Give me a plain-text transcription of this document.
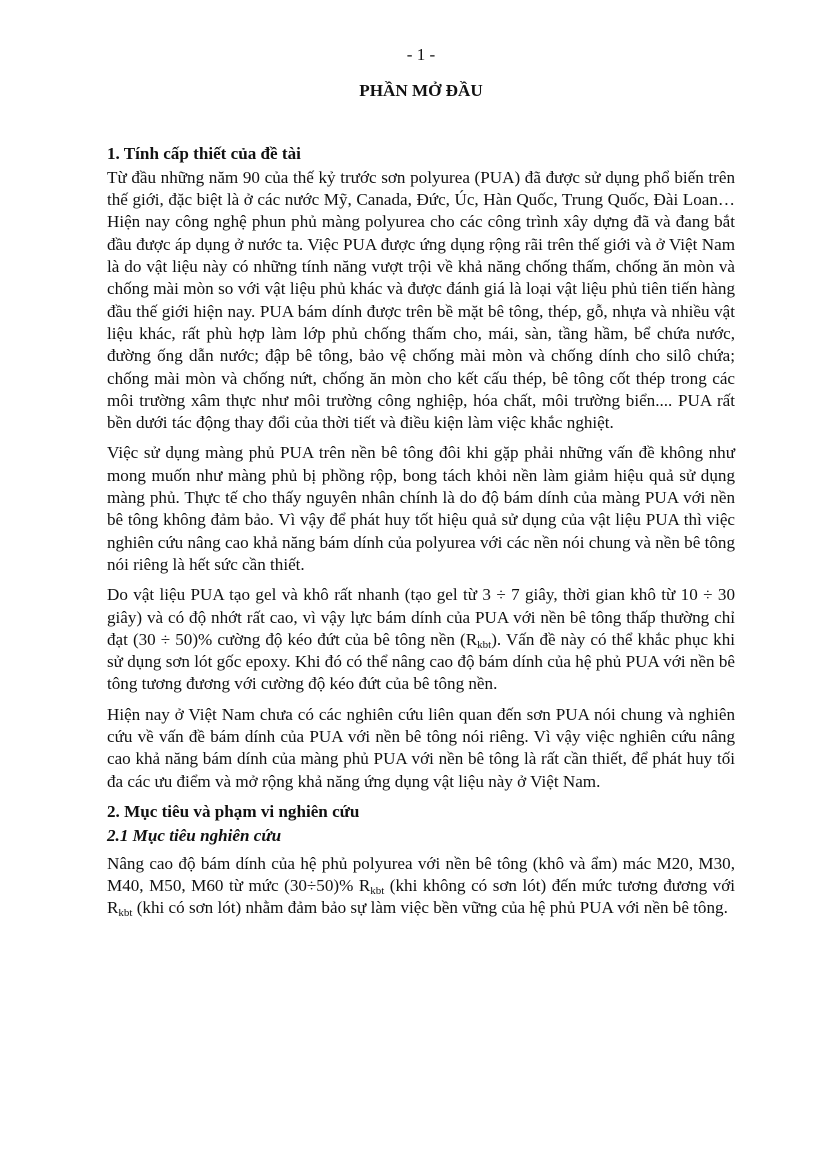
- 1 -
PHẦN MỞ ĐẦU
1. Tính cấp thiết của đề tài

Từ đầu những năm 90 của thế kỷ trước sơn polyurea (PUA) đã được sử dụng phổ biến trên thế giới, đặc biệt là ở các nước Mỹ, Canada, Đức, Úc, Hàn Quốc, Trung Quốc, Đài Loan… Hiện nay công nghệ phun phủ màng polyurea cho các công trình xây dựng đã và đang bắt đầu được áp dụng ở nước ta. Việc PUA được ứng dụng rộng rãi trên thế giới và ở Việt Nam là do vật liệu này có những tính năng vượt trội về khả năng chống thấm, chống ăn mòn và chống mài mòn so với vật liệu phủ khác và được đánh giá là loại vật liệu phủ tiên tiến hàng đầu thế giới hiện nay. PUA bám dính được trên bề mặt bê tông, thép, gỗ, nhựa và nhiều vật liệu khác, rất phù hợp làm lớp phủ chống thấm cho, mái, sàn, tầng hầm, bể chứa nước, đường ống dẫn nước; đập bê tông, bảo vệ chống mài mòn và chống dính cho silô chứa; chống mài mòn và chống nứt, chống ăn mòn cho kết cấu thép, bê tông cốt thép trong các môi trường xâm thực như môi trường công nghiệp, hóa chất, môi trường biển.... PUA rất bền dưới tác động thay đổi của thời tiết và điều kiện làm việc khắc nghiệt.

Việc sử dụng màng phủ PUA trên nền bê tông đôi khi gặp phải những vấn đề không như mong muốn như màng phủ bị phồng rộp, bong tách khỏi nền làm giảm hiệu quả sử dụng màng phủ. Thực tế cho thấy nguyên nhân chính là do độ bám dính của màng PUA với nền bê tông không đảm bảo. Vì vậy để phát huy tốt hiệu quả sử dụng của vật liệu PUA thì việc nghiên cứu nâng cao khả năng bám dính của polyurea với các nền nói chung và nền bê tông nói riêng là hết sức cần thiết.

Do vật liệu PUA tạo gel và khô rất nhanh (tạo gel từ 3 ÷ 7 giây, thời gian khô từ 10 ÷ 30 giây) và có độ nhớt rất cao, vì vậy lực bám dính của PUA với nền bê tông thấp thường chỉ đạt (30 ÷ 50)% cường độ kéo đứt của bê tông nền $(R_{kbt})$. Vấn đề này có thể khắc phục khi sử dụng sơn lót gốc epoxy. Khi đó có thể nâng cao độ bám dính của hệ phủ PUA với nền bê tông tương đương với cường độ kéo đứt của bê tông nền.

Hiện nay ở Việt Nam chưa có các nghiên cứu liên quan đến sơn PUA nói chung và nghiên cứu về vấn đề bám dính của PUA với nền bê tông nói riêng. Vì vậy việc nghiên cứu nâng cao khả năng bám dính của màng phủ PUA với nền bê tông là rất cần thiết, để phát huy tối đa các ưu điểm và mở rộng khả năng ứng dụng vật liệu này ở Việt Nam.

2. Mục tiêu và phạm vi nghiên cứu
2.1 Mục tiêu nghiên cứu

Nâng cao độ bám dính của hệ phủ polyurea với nền bê tông (khô và ẩm) mác M20, M30, M40, M50, M60 từ mức (30÷50)% $R_{kbt}$ (khi không có sơn lót) đến mức tương đương với $R_{kbt}$ (khi có sơn lót) nhằm đảm bảo sự làm việc bền vững của hệ phủ PUA với nền bê tông.
